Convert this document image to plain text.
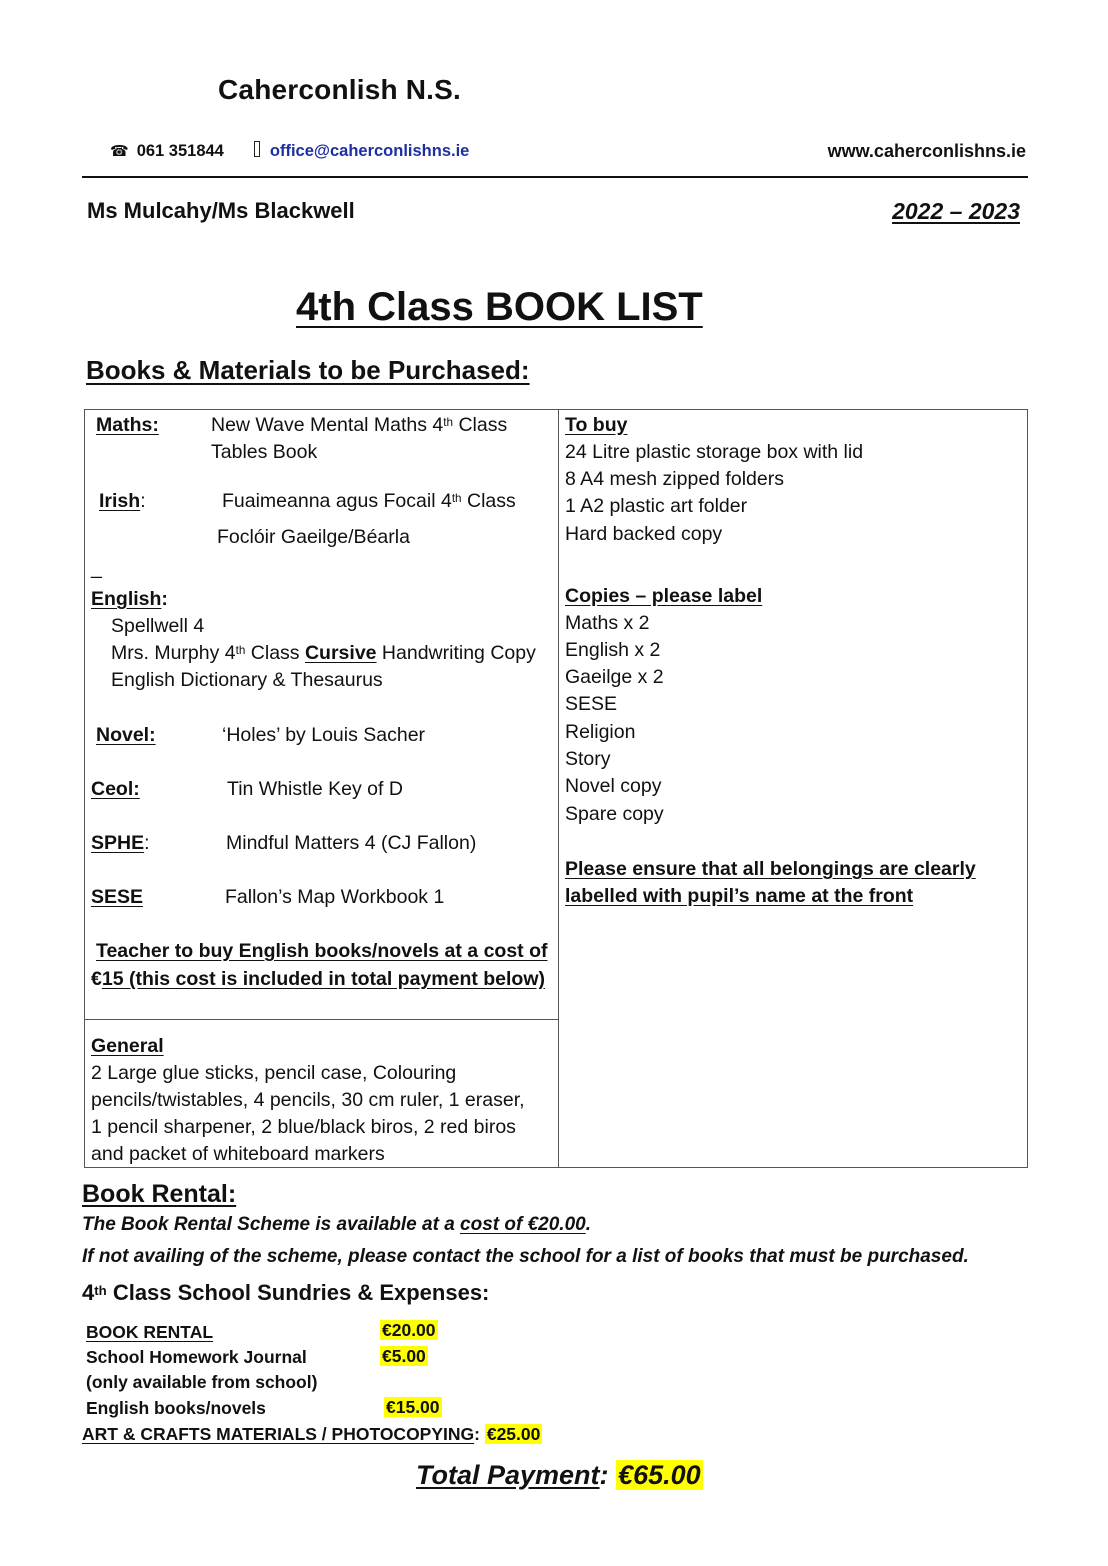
Caherconlish N.S.
☎ 061 351844	office@caherconlishns.ie	www.caherconlishns.ie
Ms Mulcahy/Ms Blackwell	2022 – 2023
4th Class BOOK LIST
Books & Materials to be Purchased:
Maths:	New Wave Mental Maths 4th Class
Tables Book
Irish:	Fuaimeanna agus Focail 4th Class
Foclóir Gaeilge/Béarla
_
English:
Spellwell 4
Mrs. Murphy 4th Class Cursive Handwriting Copy
English Dictionary & Thesaurus
Novel:	‘Holes’ by Louis Sacher
Ceol:	Tin Whistle Key of D
SPHE:	Mindful Matters 4 (CJ Fallon)
SESE	Fallon’s Map Workbook 1
Teacher to buy English books/novels at a cost of
€15 (this cost is included in total payment below)
General
2 Large glue sticks, pencil case, Colouring
pencils/twistables, 4 pencils, 30 cm ruler, 1 eraser,
1 pencil sharpener, 2 blue/black biros, 2 red biros
and packet of whiteboard markers
To buy
24 Litre plastic storage box with lid
8 A4 mesh zipped folders
1 A2 plastic art folder
Hard backed copy
Copies – please label
Maths x 2
English x 2
Gaeilge x 2
SESE
Religion
Story
Novel copy
Spare copy
Please ensure that all belongings are clearly
labelled with pupil’s name at the front
Book Rental:
The Book Rental Scheme is available at a cost of €20.00.
If not availing of the scheme, please contact the school for a list of books that must be purchased.
4th Class School Sundries & Expenses:
BOOK RENTAL	€20.00
School Homework Journal	€5.00
(only available from school)
English books/novels	€15.00
ART & CRAFTS MATERIALS / PHOTOCOPYING: €25.00
Total Payment: €65.00
